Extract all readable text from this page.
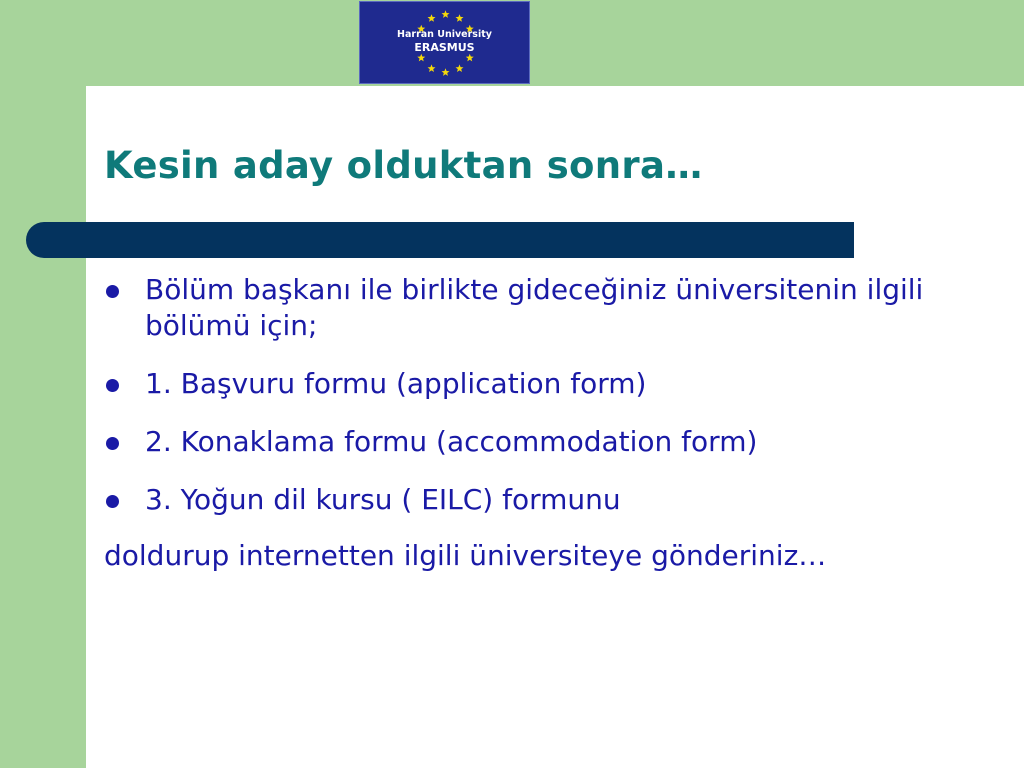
Harran University
ERASMUS
Kesin aday olduktan sonra…
Bölüm başkanı ile birlikte gideceğiniz üniversitenin ilgili bölümü için;
1. Başvuru formu (application form)
2. Konaklama formu (accommodation form)
3. Yoğun dil kursu ( EILC) formunu
doldurup internetten ilgili üniversiteye gönderiniz…
